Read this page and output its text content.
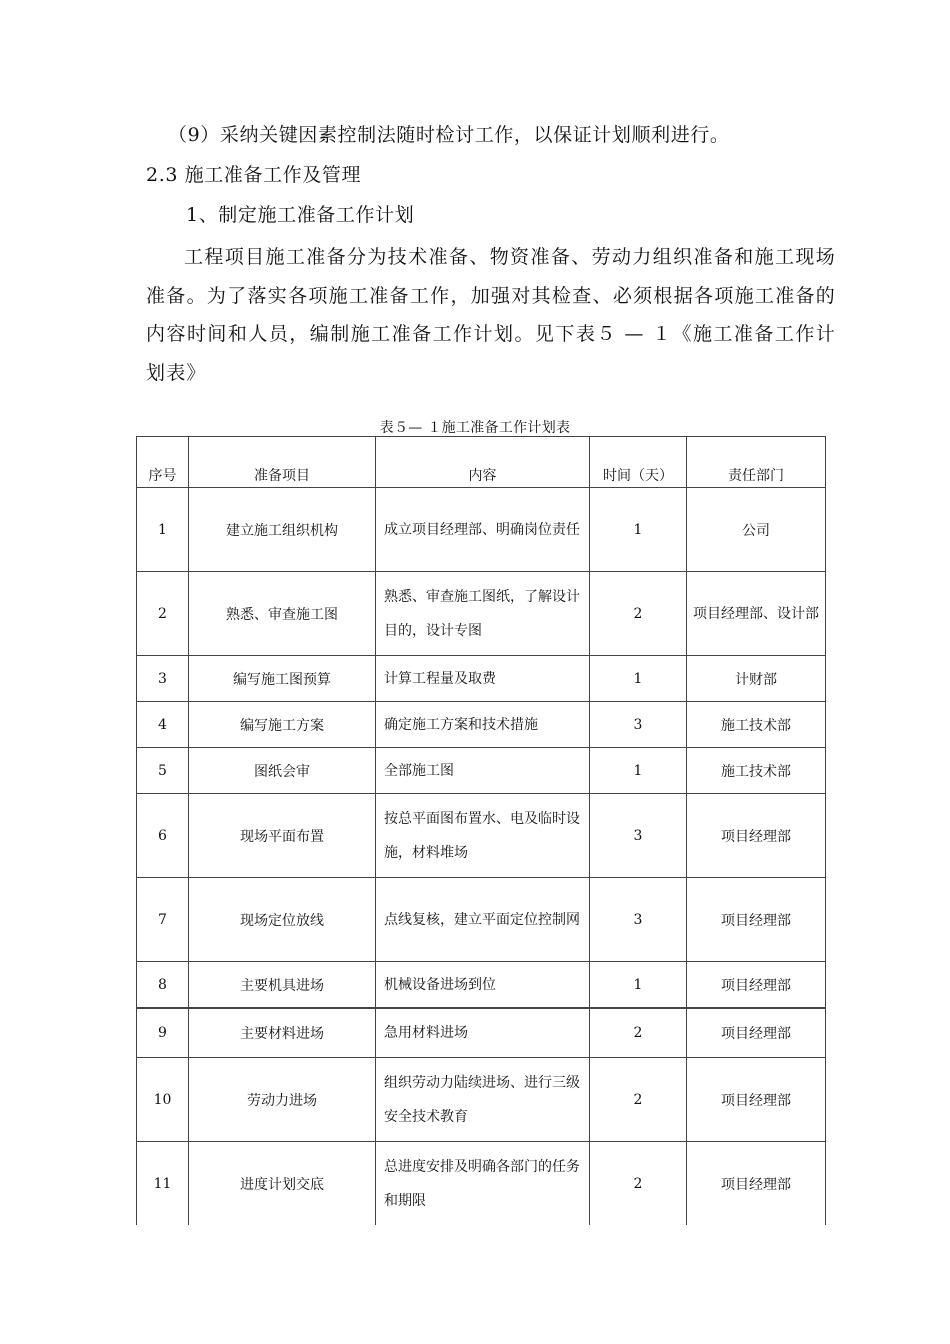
（9）采纳关键因素控制法随时检讨工作，以保证计划顺利进行。
2.3 施工准备工作及管理
1、制定施工准备工作计划
工程项目施工准备分为技术准备、物资准备、劳动力组织准备和施工现场准备。为了落实各项施工准备工作，加强对其检查、必须根据各项施工准备的内容时间和人员，编制施工准备工作计划。见下表５ — １《施工准备工作计划表》
表５— １施工准备工作计划表
序号	准备项目	内容	时间（天）	责任部门
1	建立施工组织机构	成立项目经理部、明确岗位责任	1	公司
2	熟悉、审查施工图	熟悉、审查施工图纸，了解设计目的，设计专图	2	项目经理部、设计部
3	编写施工图预算	计算工程量及取费	1	计财部
4	编写施工方案	确定施工方案和技术措施	3	施工技术部
5	图纸会审	全部施工图	1	施工技术部
6	现场平面布置	按总平面图布置水、电及临时设施，材料堆场	3	项目经理部
7	现场定位放线	点线复核，建立平面定位控制网	3	项目经理部
8	主要机具进场	机械设备进场到位	1	项目经理部
9	主要材料进场	急用材料进场	2	项目经理部
10	劳动力进场	组织劳动力陆续进场、进行三级安全技术教育	2	项目经理部
11	进度计划交底	总进度安排及明确各部门的任务和期限	2	项目经理部
